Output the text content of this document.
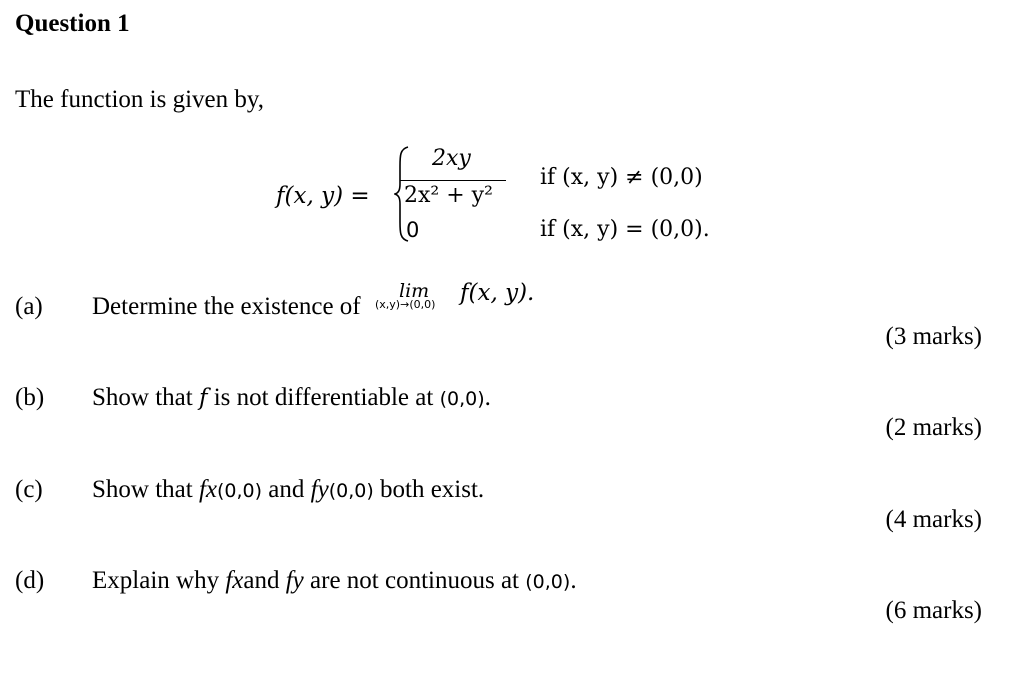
Question 1
The function is given by,
f(x, y) =
2xy
2x² + y²
0
if (x, y) ≠ (0,0)
if (x, y) = (0,0).
(a) Determine the existence of
lim
(x,y)→(0,0) f(x, y).
(3 marks)
(b) Show that f is not differentiable at (0,0).
(2 marks)
(c) Show that fx(0,0) and fy(0,0) both exist.
(4 marks)
(d) Explain why fxand fy are not continuous at (0,0).
(6 marks)
